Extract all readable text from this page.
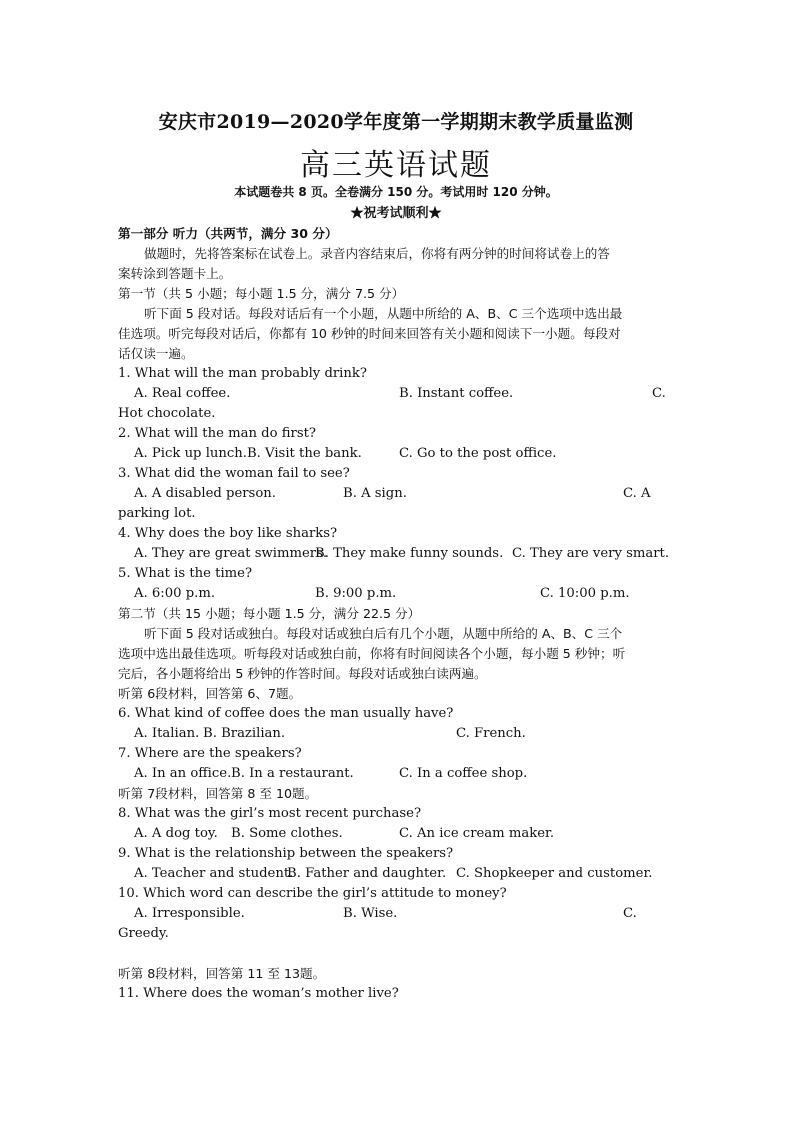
安庆市2019—2020学年度第一学期期末教学质量监测
高三英语试题
本试题卷共 8 页。全卷满分 150 分。考试用时 120 分钟。
★祝考试顺利★
第一部分 听力（共两节，满分 30 分）
做题时，先将答案标在试卷上。录音内容结束后，你将有两分钟的时间将试卷上的答
案转涂到答题卡上。
第一节（共 5 小题；每小题 1.5 分，满分 7.5 分）
听下面 5 段对话。每段对话后有一个小题，从题中所给的 A、B、C 三个选项中选出最
佳选项。听完每段对话后，你都有 10 秒钟的时间来回答有关小题和阅读下一小题。每段对
话仅读一遍。
1. What will the man probably drink?
A. Real coffee.	B. Instant coffee.	C.
Hot chocolate.
2. What will the man do first?
A. Pick up lunch.B. Visit the bank.	C. Go to the post office.
3. What did the woman fail to see?
A. A disabled person.	B. A sign.	C. A
parking lot.
4. Why does the boy like sharks?
A. They are great swimmers.
B. They make funny sounds. C. They are very smart.
5. What is the time?
A. 6:00 p.m.	B. 9:00 p.m.	C. 10:00 p.m.
第二节（共 15 小题；每小题 1.5 分，满分 22.5 分）
听下面 5 段对话或独白。每段对话或独白后有几个小题，从题中所给的 A、B、C 三个
选项中选出最佳选项。听每段对话或独白前，你将有时间阅读各个小题，每小题 5 秒钟；听
完后，各小题将给出 5 秒钟的作答时间。每段对话或独白读两遍。
听第 6段材料，回答第 6、7题。
6. What kind of coffee does the man usually have?
A. Italian. B. Brazilian.	C. French.
7. Where are the speakers?
A. In an office. B. In a restaurant.	C. In a coffee shop.
听第 7段材料，回答第 8 至 10题。
8. What was the girl’s most recent purchase?
A. A dog toy. B. Some clothes.	C. An ice cream maker.
9. What is the relationship between the speakers?
A. Teacher and student.
B. Father and daughter. C. Shopkeeper and customer.
10. Which word can describe the girl’s attitude to money?
A. Irresponsible.	B. Wise.	C.
Greedy.
听第 8段材料，回答第 11 至 13题。
11. Where does the woman’s mother live?
